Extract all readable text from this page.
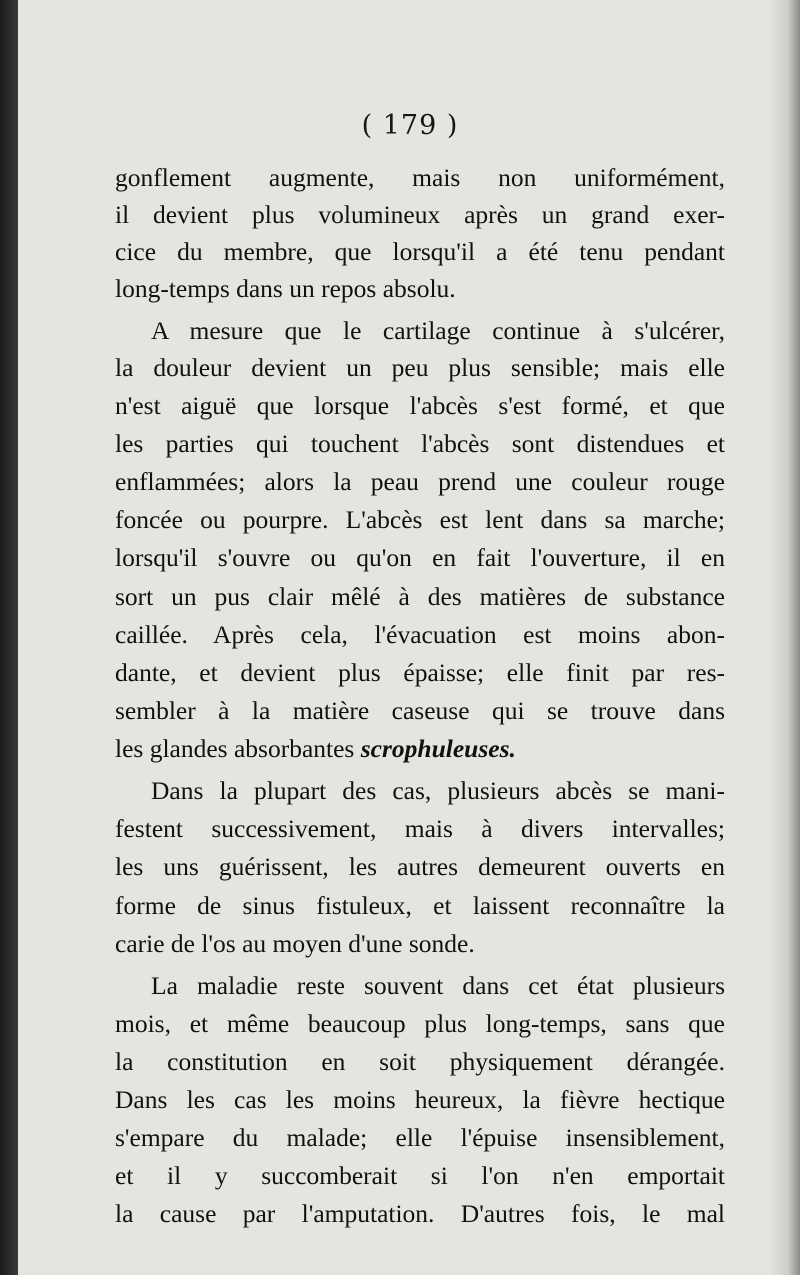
( 179 )
gonflement augmente, mais non uniformément,
il devient plus volumineux après un grand exer-
cice du membre, que lorsqu'il a été tenu pendant
long-temps dans un repos absolu.
A mesure que le cartilage continue à s'ulcérer,
la douleur devient un peu plus sensible; mais elle
n'est aiguë que lorsque l'abcès s'est formé, et que
les parties qui touchent l'abcès sont distendues et
enflammées; alors la peau prend une couleur rouge
foncée ou pourpre. L'abcès est lent dans sa marche;
lorsqu'il s'ouvre ou qu'on en fait l'ouverture, il en
sort un pus clair mêlé à des matières de substance
caillée. Après cela, l'évacuation est moins abon-
dante, et devient plus épaisse; elle finit par res-
sembler à la matière caseuse qui se trouve dans
les glandes absorbantes scrophuleuses.
Dans la plupart des cas, plusieurs abcès se mani-
festent successivement, mais à divers intervalles;
les uns guérissent, les autres demeurent ouverts en
forme de sinus fistuleux, et laissent reconnaître la
carie de l'os au moyen d'une sonde.
La maladie reste souvent dans cet état plusieurs
mois, et même beaucoup plus long-temps, sans que
la constitution en soit physiquement dérangée.
Dans les cas les moins heureux, la fièvre hectique
s'empare du malade; elle l'épuise insensiblement,
et il y succomberait si l'on n'en emportait
la cause par l'amputation. D'autres fois, le mal
